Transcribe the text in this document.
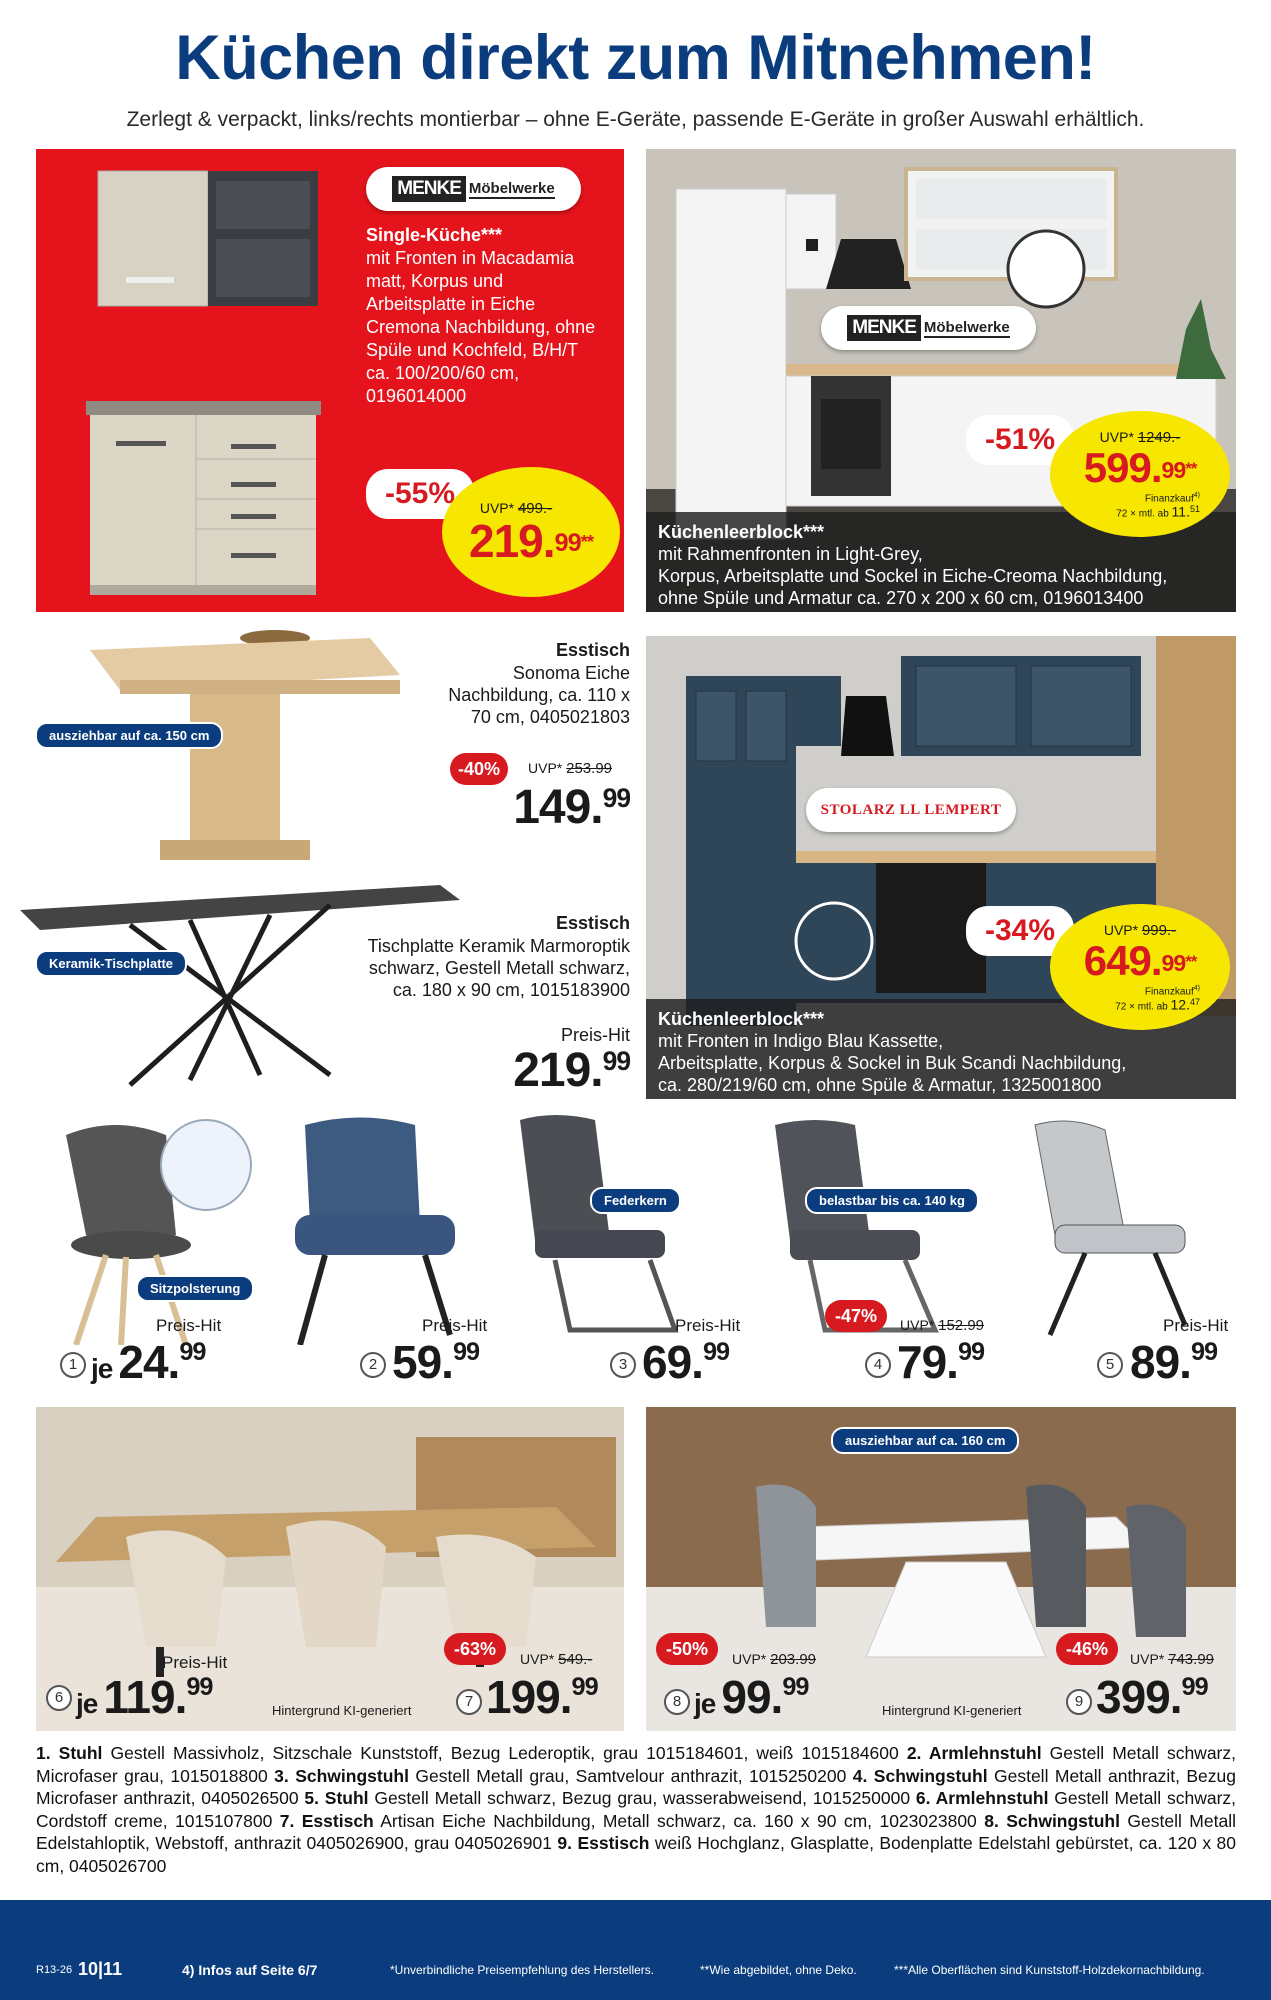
Küchen direkt zum Mitnehmen!
Zerlegt & verpackt, links/rechts montierbar – ohne E-Geräte, passende E-Geräte in großer Auswahl erhältlich.
MENKE Möbelwerke
Single-Küche***
mit Fronten in Macadamia matt, Korpus und Arbeitsplatte in Eiche Cremona Nachbildung, ohne Spüle und Kochfeld, B/H/T ca. 100/200/60 cm, 0196014000
-55%	UVP* 499.-
219.$^{99**}$
MENKE Möbelwerke
Küchenleerblock***
mit Rahmenfronten in Light-Grey,
Korpus, Arbeitsplatte und Sockel in Eiche-Creoma Nachbildung,
ohne Spüle und Armatur ca. 270 x 200 x 60 cm, 0196013400
-51%	UVP* 1249.-
599.$^{99**}$
Finanzkauf$^{4)}$
72 × mtl. ab 11.51
ausziehbar auf ca. 150 cm
Esstisch
Sonoma Eiche Nachbildung, ca. 110 x 70 cm, 0405021803
-40%	UVP* 253.99
149.99
Keramik-Tischplatte
Esstisch
Tischplatte Keramik Marmoroptik schwarz, Gestell Metall schwarz, ca. 180 x 90 cm, 1015183900
Preis-Hit
219.99
STOLARZ LL LEMPERT
Küchenleerblock***
mit Fronten in Indigo Blau Kassette,
Arbeitsplatte, Korpus & Sockel in Buk Scandi Nachbildung,
ca. 280/219/60 cm, ohne Spüle & Armatur, 1325001800
-34%	UVP* 999.-
649.$^{99**}$
Finanzkauf$^{4)}$
72 × mtl. ab 12.47
Sitzpolsterung
1
Preis-Hit
je 24.99	2
Preis-Hit
59.99
Federkern
3
Preis-Hit
69.99
belastbar bis ca. 140 kg
-47%	UVP* 152.99
4 79.99	5
Preis-Hit
89.99
Preis-Hit
6 je 119.99
Hintergrund KI-generiert
-63%	UVP* 549.-
7 199.99
ausziehbar auf ca. 160 cm
-50%	UVP* 203.99
8 je 99.99
Hintergrund KI-generiert
-46%	UVP* 743.99
9 399.99
1. Stuhl Gestell Massivholz, Sitzschale Kunststoff, Bezug Lederoptik, grau 1015184601, weiß 1015184600 2. Armlehnstuhl Gestell Metall schwarz, Microfaser grau, 1015018800 3. Schwingstuhl Gestell Metall grau, Samtvelour anthrazit, 1015250200 4. Schwingstuhl Gestell Metall anthrazit, Bezug Microfaser anthrazit, 0405026500 5. Stuhl Gestell Metall schwarz, Bezug grau, wasserabweisend, 1015250000 6. Armlehnstuhl Gestell Metall schwarz, Cordstoff creme, 1015107800 7. Esstisch Artisan Eiche Nachbildung, Metall schwarz, ca. 160 x 90 cm, 1023023800 8. Schwingstuhl Gestell Metall Edelstahloptik, Webstoff, anthrazit 0405026900, grau 0405026901 9. Esstisch weiß Hochglanz, Glasplatte, Bodenplatte Edelstahl gebürstet, ca. 120 x 80 cm, 0405026700
R13-26 10|11	4) Infos auf Seite 6/7	*Unverbindliche Preisempfehlung des Herstellers.	**Wie abgebildet, ohne Deko.	***Alle Oberflächen sind Kunststoff-Holzdekornachbildung.
